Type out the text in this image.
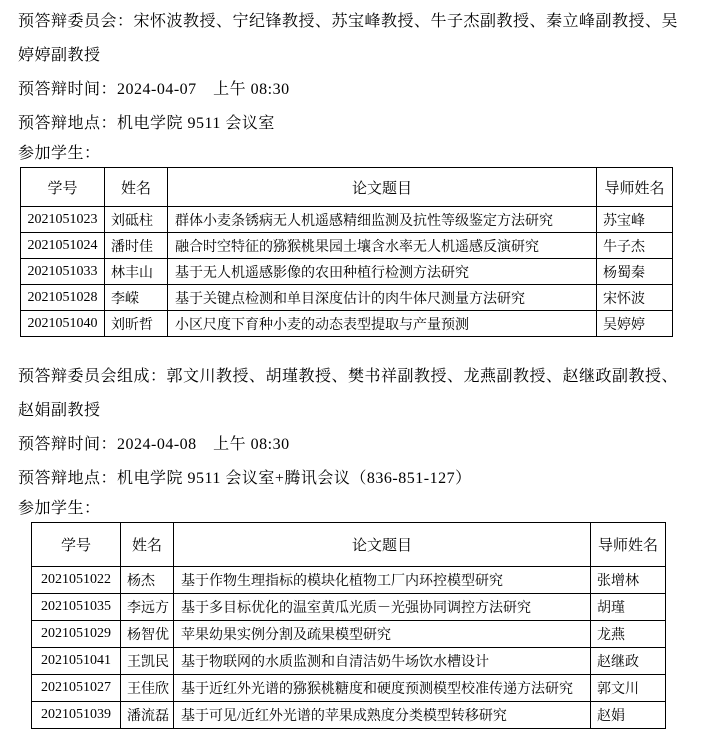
预答辩委员会：宋怀波教授、宁纪锋教授、苏宝峰教授、牛子杰副教授、秦立峰副教授、吴婷婷副教授

预答辩时间：2024-04-07　上午 08:30

预答辩地点：机电学院 9511 会议室

参加学生：

学号	姓名	论文题目	导师姓名
2021051023	刘砥柱	群体小麦条锈病无人机遥感精细监测及抗性等级鉴定方法研究	苏宝峰
2021051024	潘时佳	融合时空特征的猕猴桃果园土壤含水率无人机遥感反演研究	牛子杰
2021051033	林丰山	基于无人机遥感影像的农田种植行检测方法研究	杨蜀秦
2021051028	李嵘	基于关键点检测和单目深度估计的肉牛体尺测量方法研究	宋怀波
2021051040	刘昕哲	小区尺度下育种小麦的动态表型提取与产量预测	吴婷婷

预答辩委员会组成：郭文川教授、胡瑾教授、樊书祥副教授、龙燕副教授、赵继政副教授、赵娟副教授

预答辩时间：2024-04-08　上午 08:30

预答辩地点：机电学院 9511 会议室+腾讯会议（836-851-127）

参加学生：

学号	姓名	论文题目	导师姓名
2021051022	杨杰	基于作物生理指标的模块化植物工厂内环控模型研究	张增林
2021051035	李远方	基于多目标优化的温室黄瓜光质－光强协同调控方法研究	胡瑾
2021051029	杨智优	苹果幼果实例分割及疏果模型研究	龙燕
2021051041	王凯民	基于物联网的水质监测和自清洁奶牛场饮水槽设计	赵继政
2021051027	王佳欣	基于近红外光谱的猕猴桃糖度和硬度预测模型校准传递方法研究	郭文川
2021051039	潘流磊	基于可见/近红外光谱的苹果成熟度分类模型转移研究	赵娟
